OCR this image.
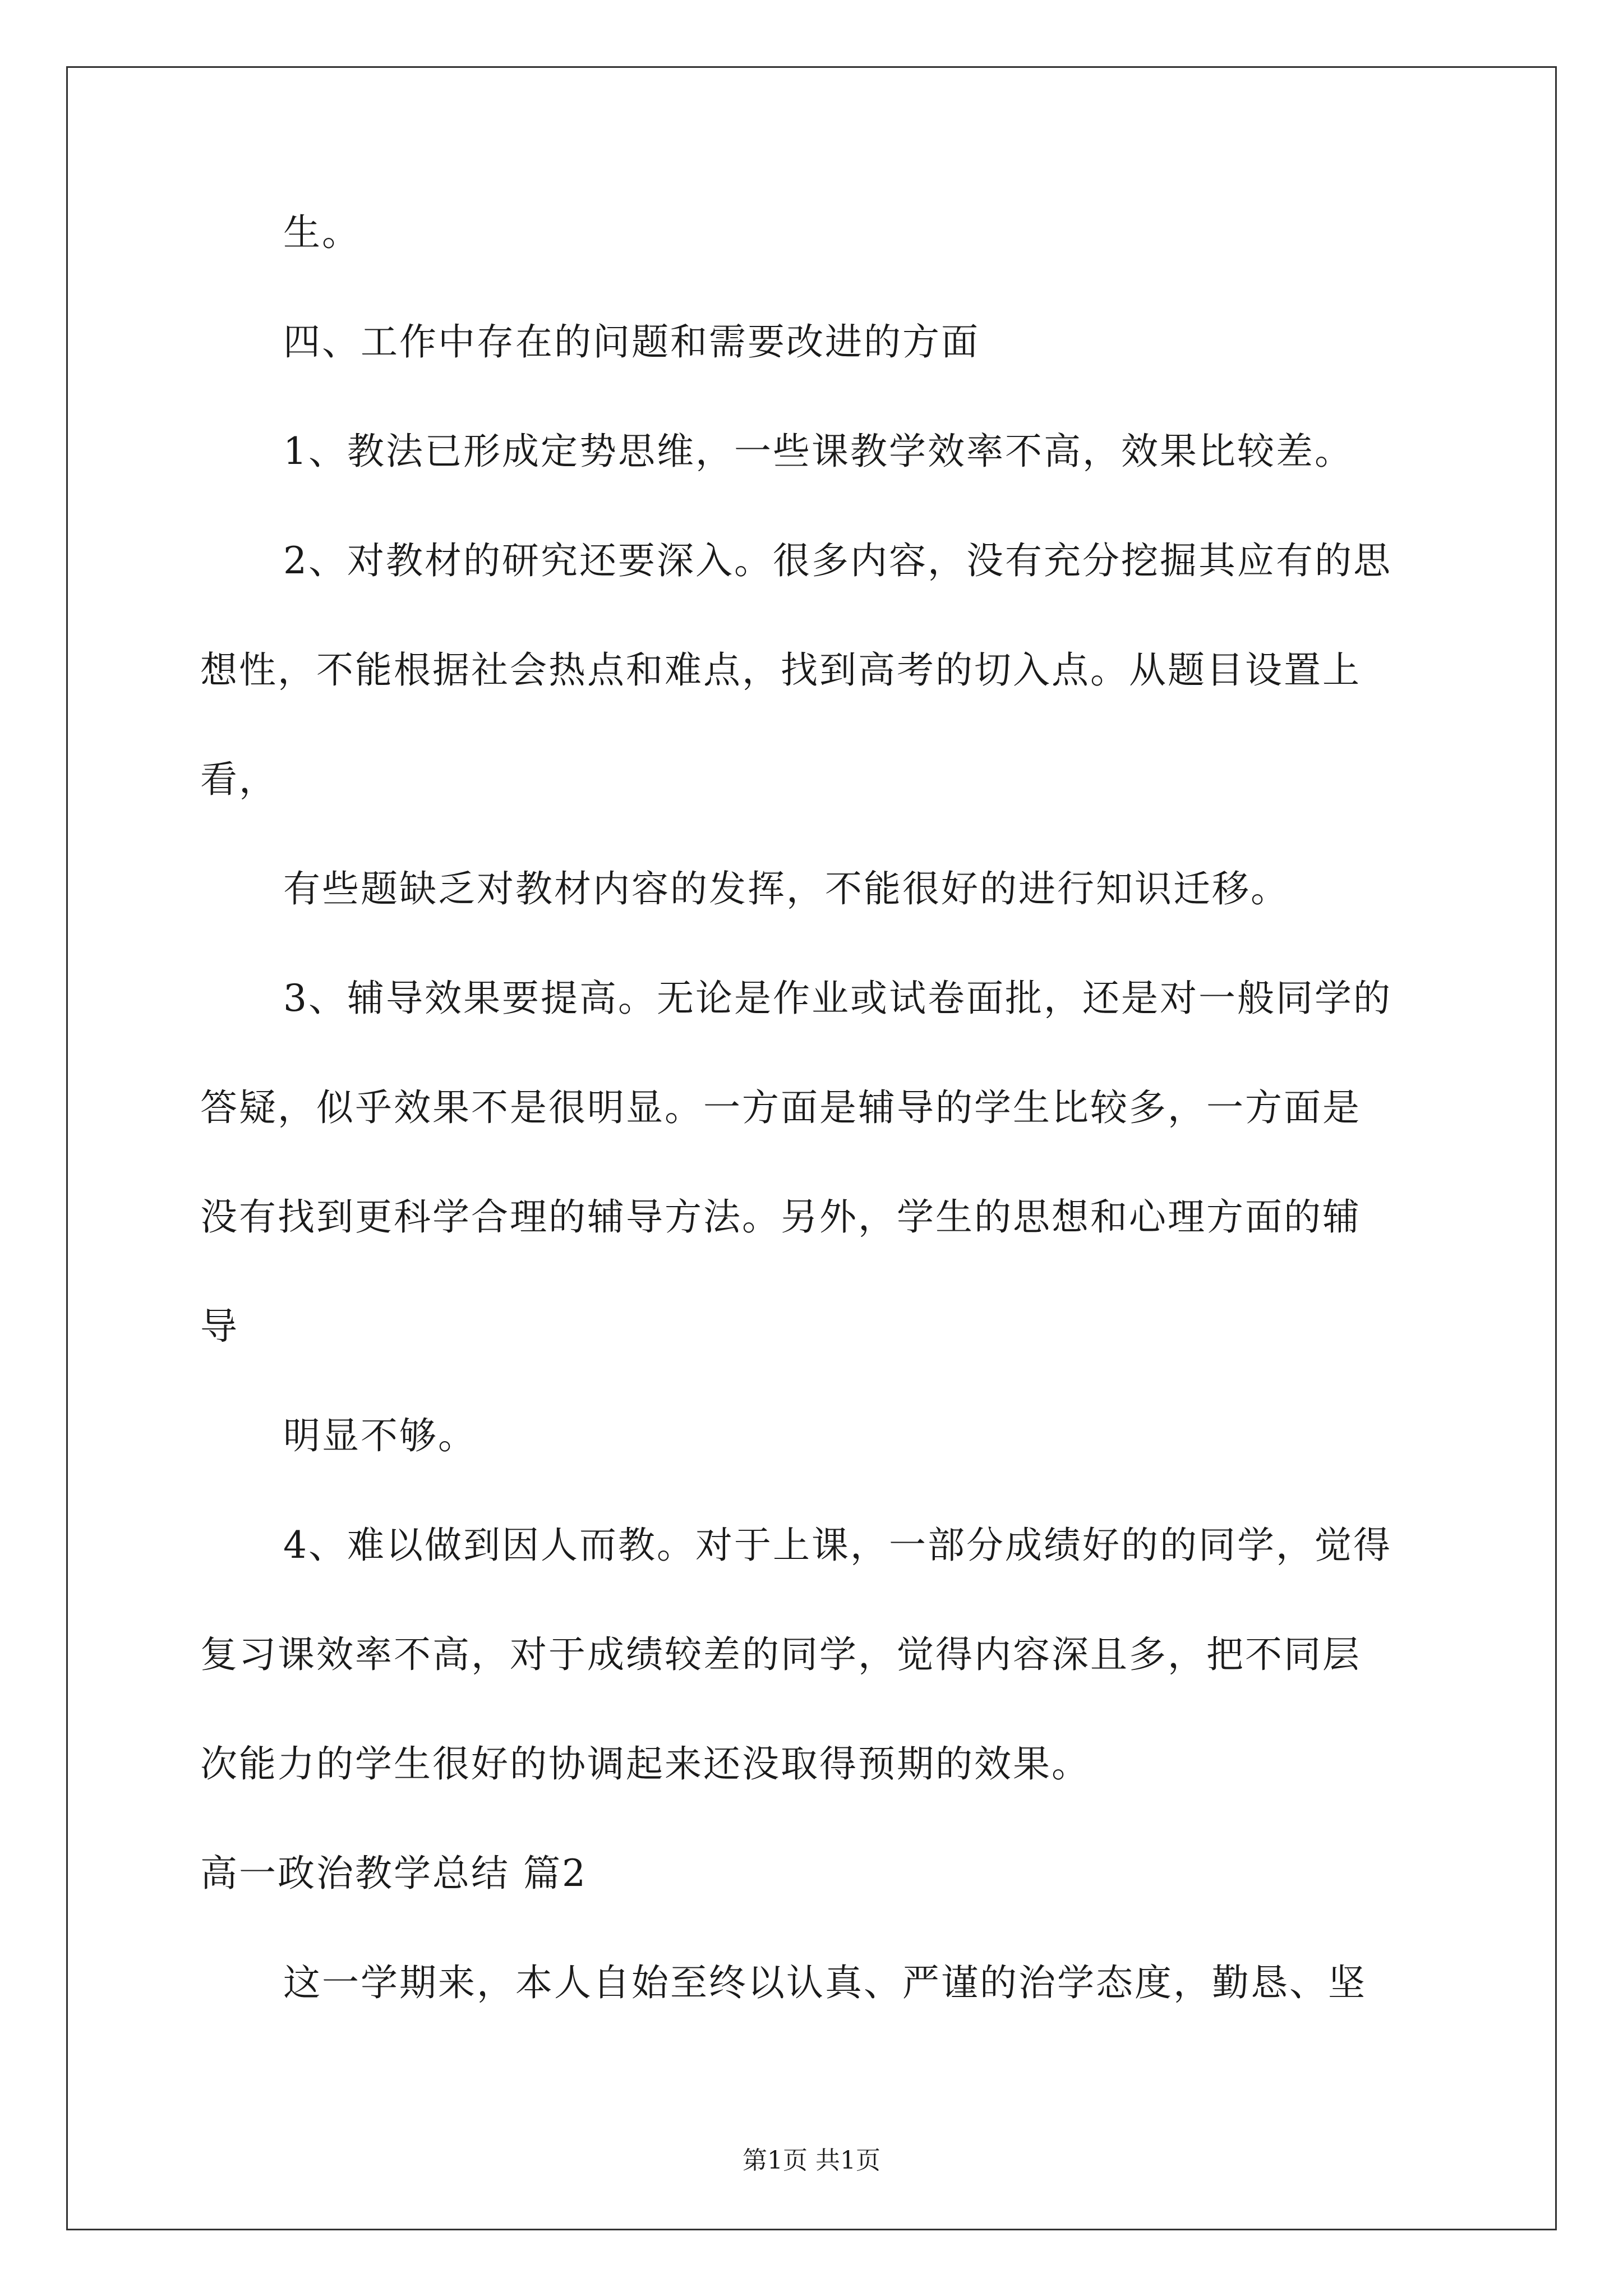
生。

四、工作中存在的问题和需要改进的方面

1、教法已形成定势思维，一些课教学效率不高，效果比较差。

2、对教材的研究还要深入。很多内容，没有充分挖掘其应有的思

想性，不能根据社会热点和难点，找到高考的切入点。从题目设置上

看，

有些题缺乏对教材内容的发挥，不能很好的进行知识迁移。

3、辅导效果要提高。无论是作业或试卷面批，还是对一般同学的

答疑，似乎效果不是很明显。一方面是辅导的学生比较多，一方面是

没有找到更科学合理的辅导方法。另外，学生的思想和心理方面的辅

导

明显不够。

4、难以做到因人而教。对于上课，一部分成绩好的的同学，觉得

复习课效率不高，对于成绩较差的同学，觉得内容深且多，把不同层

次能力的学生很好的协调起来还没取得预期的效果。

高一政治教学总结 篇2

这一学期来，本人自始至终以认真、严谨的治学态度，勤恳、坚

第1页 共1页
